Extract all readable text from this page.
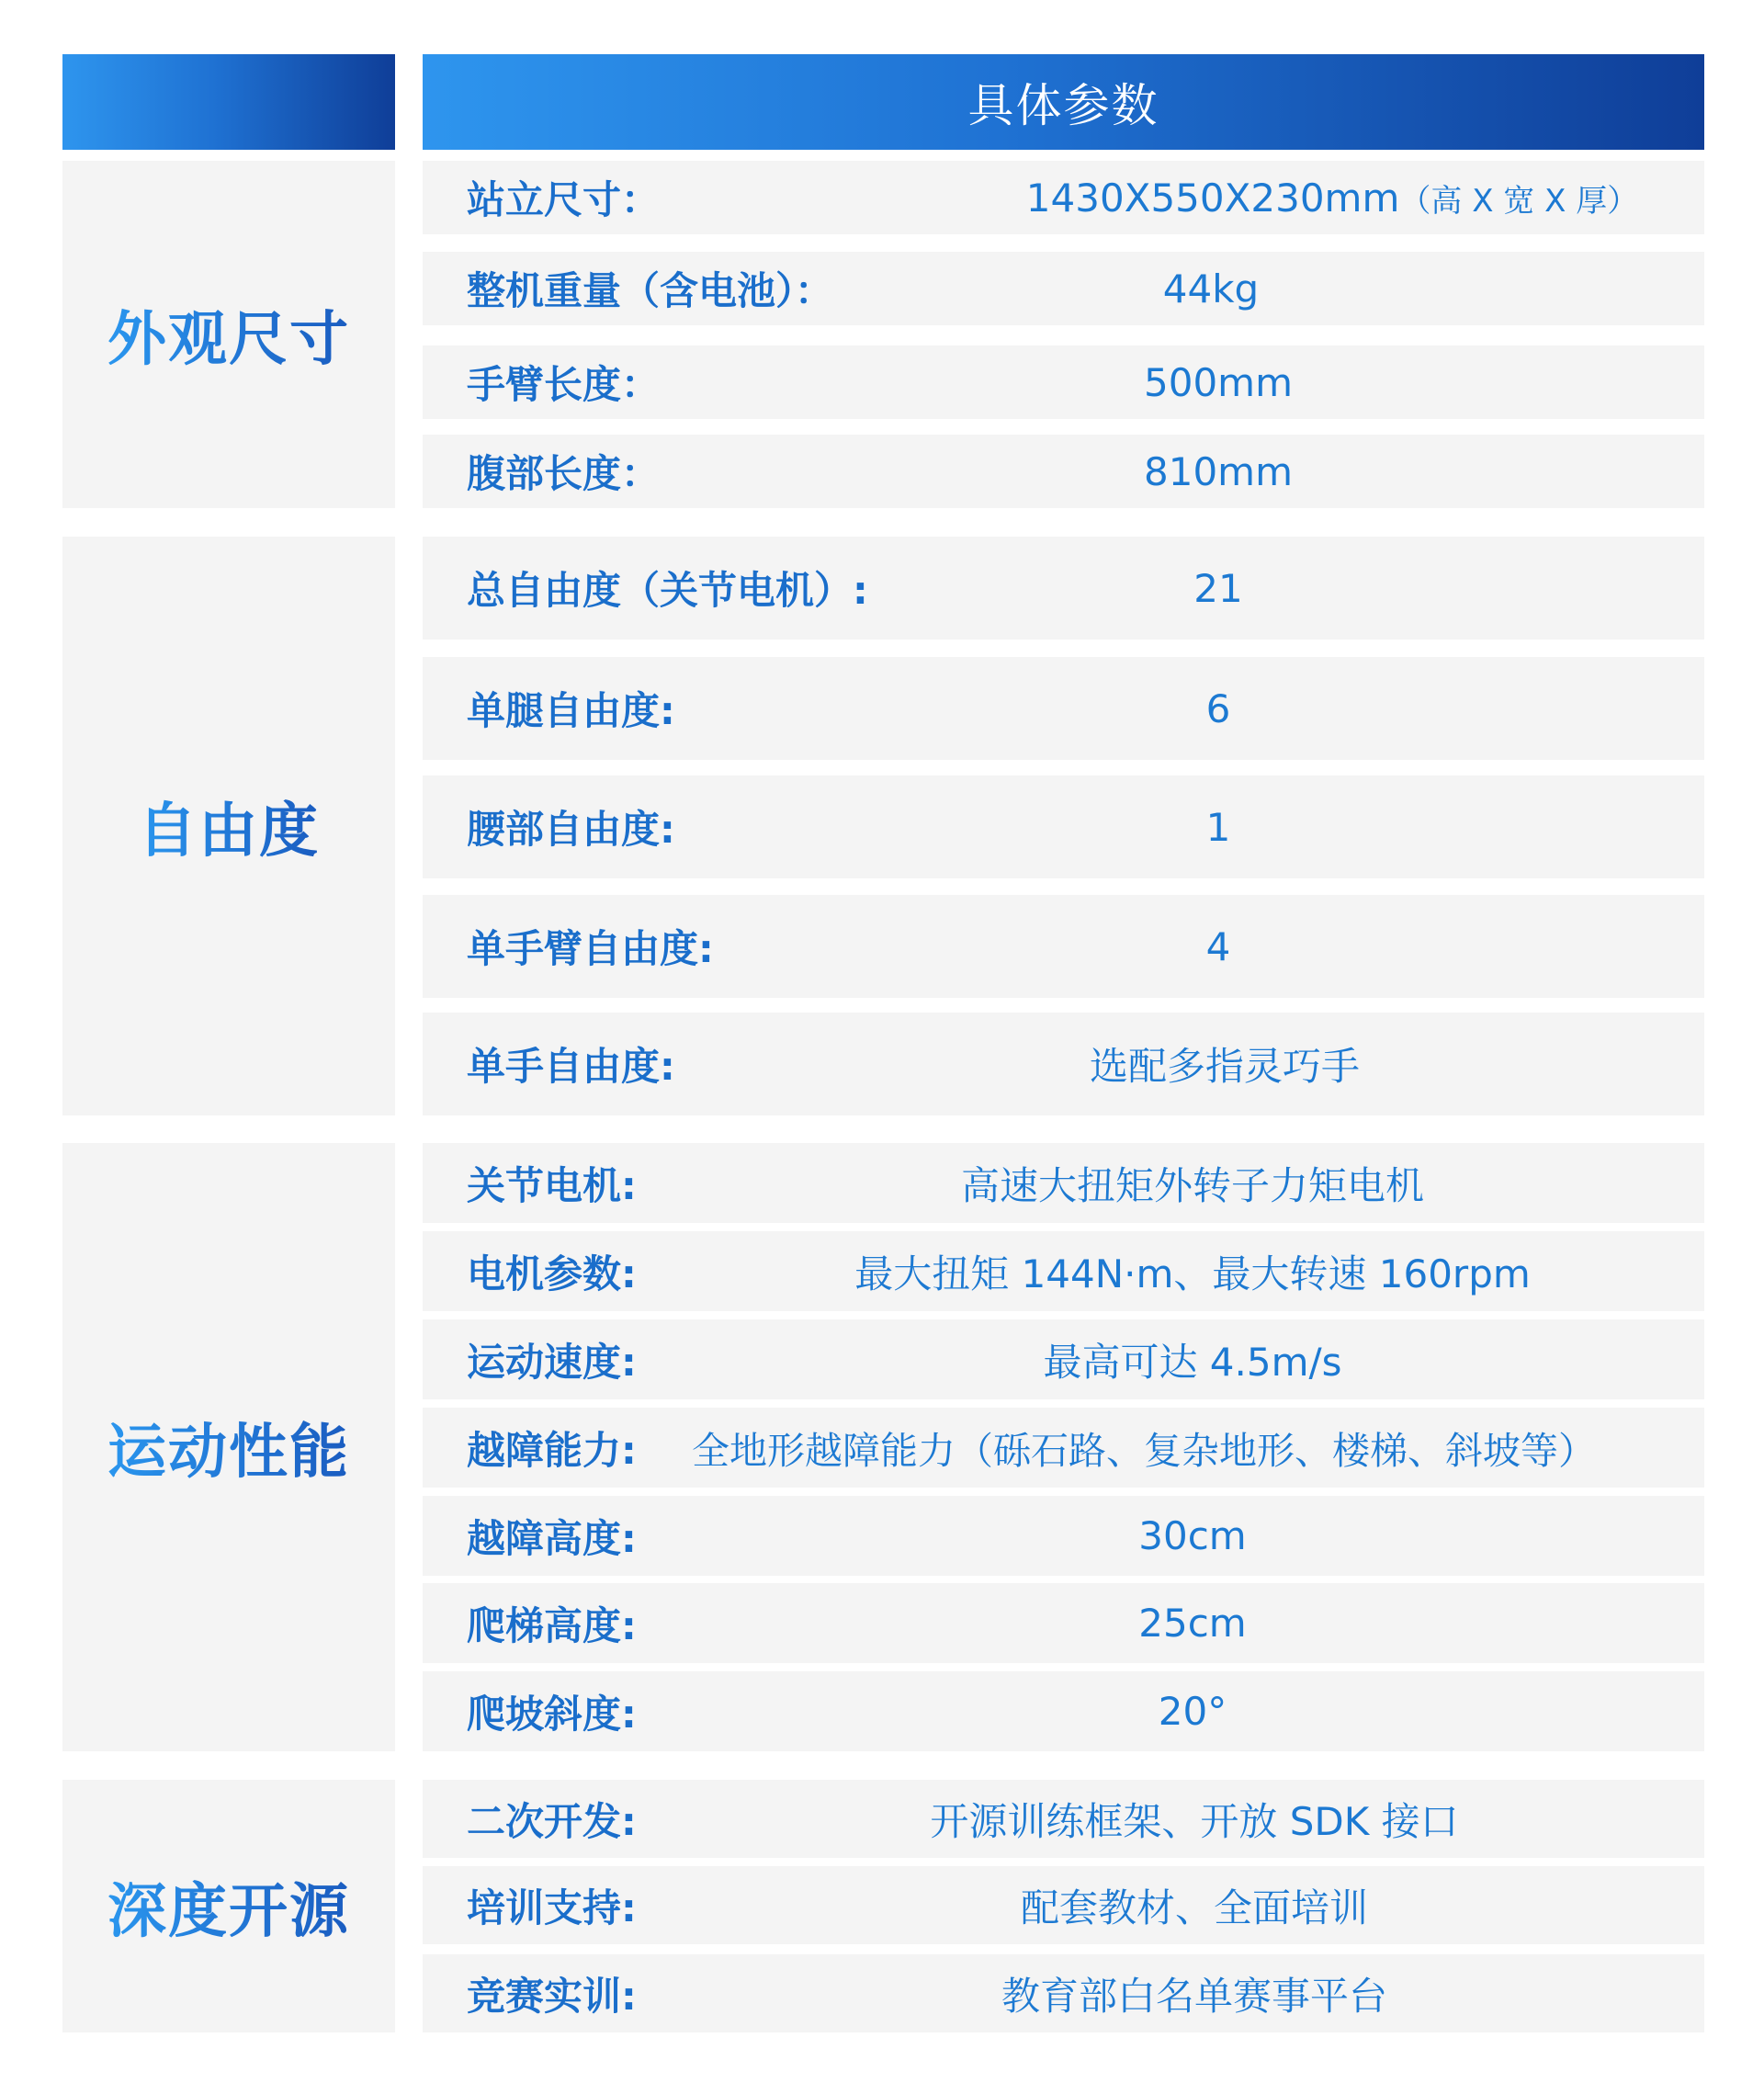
具体参数
外观尺寸
站立尺寸：	1430X550X230mm （高 X 宽 X 厚）
整机重量（含电池）：	44kg
手臂长度：	500mm
腹部长度：	810mm
自由度
总自由度（关节电机）:	21
单腿自由度:	6
腰部自由度:	1
单手臂自由度:	4
单手自由度:	选配多指灵巧手
运动性能
关节电机:	高速大扭矩外转子力矩电机
电机参数:	最大扭矩 144N·m、最大转速 160rpm
运动速度:	最高可达 4.5m/s
越障能力: 全地形越障能力（砾石路、复杂地形、楼梯、斜坡等）
越障高度:	30cm
爬梯高度:	25cm
爬坡斜度:	20°
深度开源
二次开发:	开源训练框架、开放 SDK 接口
培训支持:	配套教材、全面培训
竞赛实训:	教育部白名单赛事平台
